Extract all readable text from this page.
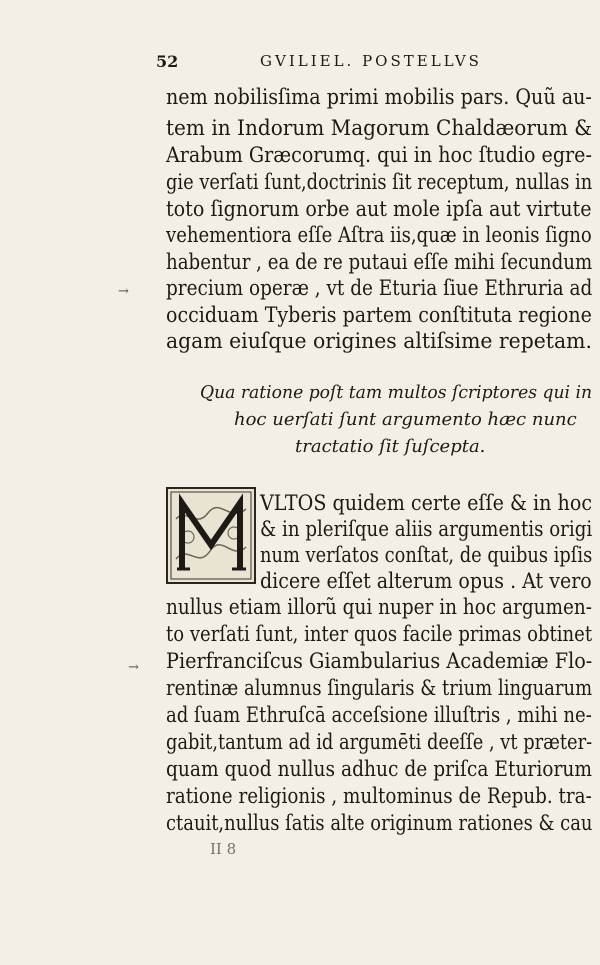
52	GVILIEL. POSTELLVS
nem nobilisſima primi mobilis pars. Quũ au-
tem in Indorum Magorum Chaldæorum &
Arabum Græcorumq. qui in hoc ſtudio egre-
gie verſati ſunt,doctrinis ſit receptum, nullas in
toto ſignorum orbe aut mole ipſa aut virtute
vehementiora eſſe Aſtra iis,quæ in leonis ſigno
habentur , ea de re putaui eſſe mihi ſecundum
precium operæ , vt de Eturia ſiue Ethruria ad
occiduam Tyberis partem conſtituta regione
agam eiuſque origines altiſsime repetam.
→
Qua ratione poſt tam multos ſcriptores qui in
hoc uerſati ſunt argumento hæc nunc
tractatio ſit ſuſcepta.
VLTOS quidem certe eſſe & in hoc
& in pleriſque aliis argumentis origi
num verſatos conſtat, de quibus ipſis
dicere eſſet alterum opus . At vero
nullus etiam illorũ qui nuper in hoc argumen-
to verſati ſunt, inter quos facile primas obtinet
Pierfranciſcus Giambularius Academiæ Flo-
rentinæ alumnus ſingularis & trium linguarum
ad ſuam Ethruſcā acceſsione illuſtris , mihi ne-
gabit,tantum ad id argumēti deeſſe , vt præter-
quam quod nullus adhuc de priſca Eturiorum
ratione religionis , multominus de Repub. tra-
ctauit,nullus ſatis alte originum rationes & cau
→
II 8
